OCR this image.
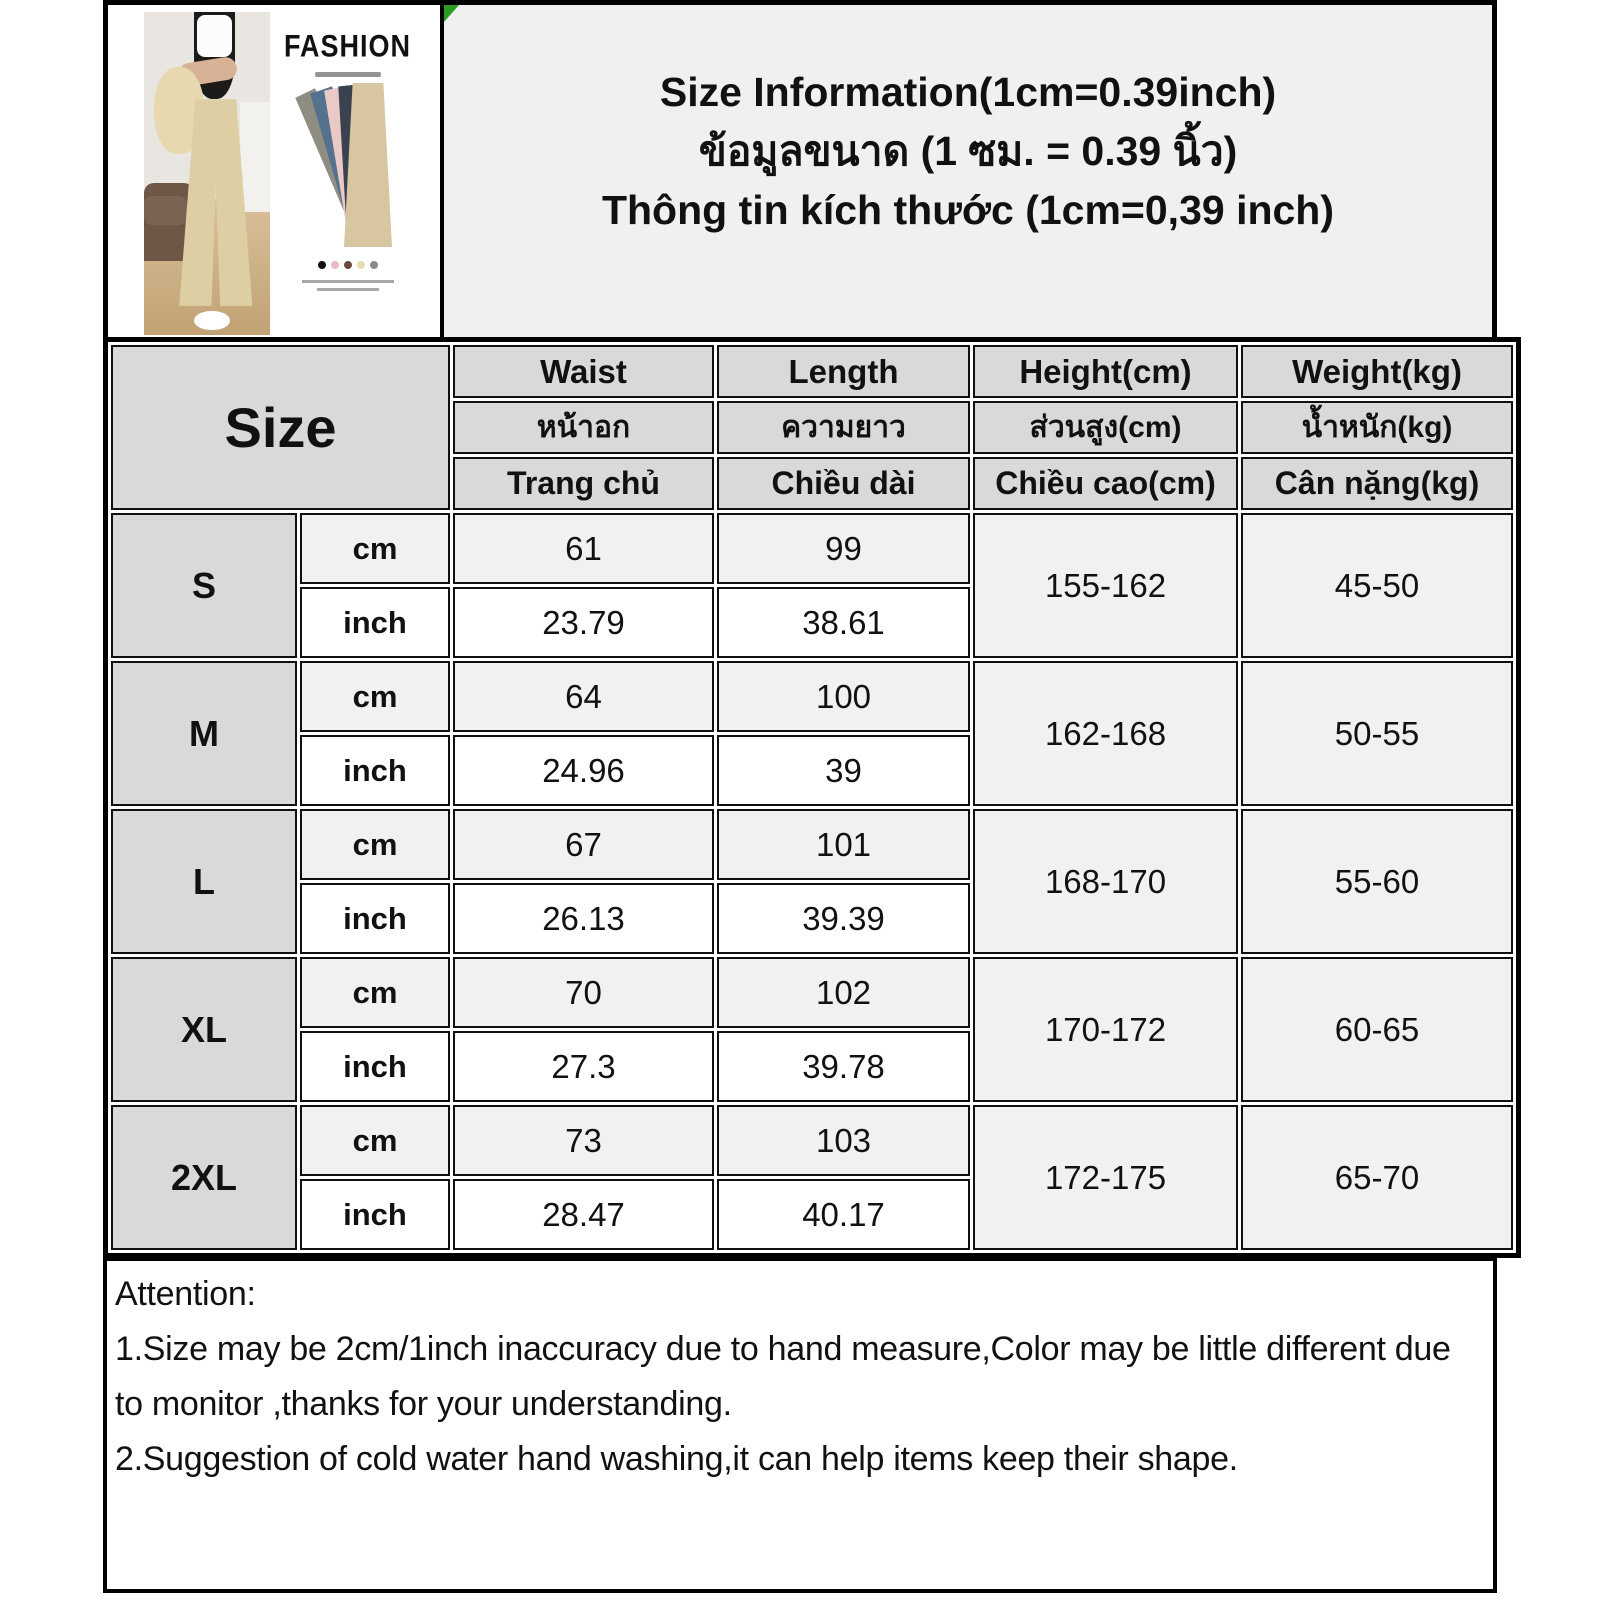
FASHION
Size Information(1cm=0.39inch)
ข้อมูลขนาด (1 ซม. = 0.39 นิ้ว)
Thông tin kích thước (1cm=0,39 inch)
Size		Waist	Length	Height(cm)	Weight(kg)
		หน้าอก	ความยาว	ส่วนสูง(cm)	น้ำหนัก(kg)
		Trang chủ	Chiều dài	Chiều cao(cm)	Cân nặng(kg)
S	cm	61	99	155-162	45-50
	inch	23.79	38.61		
M	cm	64	100	162-168	50-55
	inch	24.96	39		
L	cm	67	101	168-170	55-60
	inch	26.13	39.39		
XL	cm	70	102	170-172	60-65
	inch	27.3	39.78		
2XL	cm	73	103	172-175	65-70
	inch	28.47	40.17		
Attention:
1.Size may be 2cm/1inch inaccuracy due to hand measure,Color may be little different due to monitor ,thanks for your understanding.
2.Suggestion of cold water hand washing,it can help items keep their shape.
